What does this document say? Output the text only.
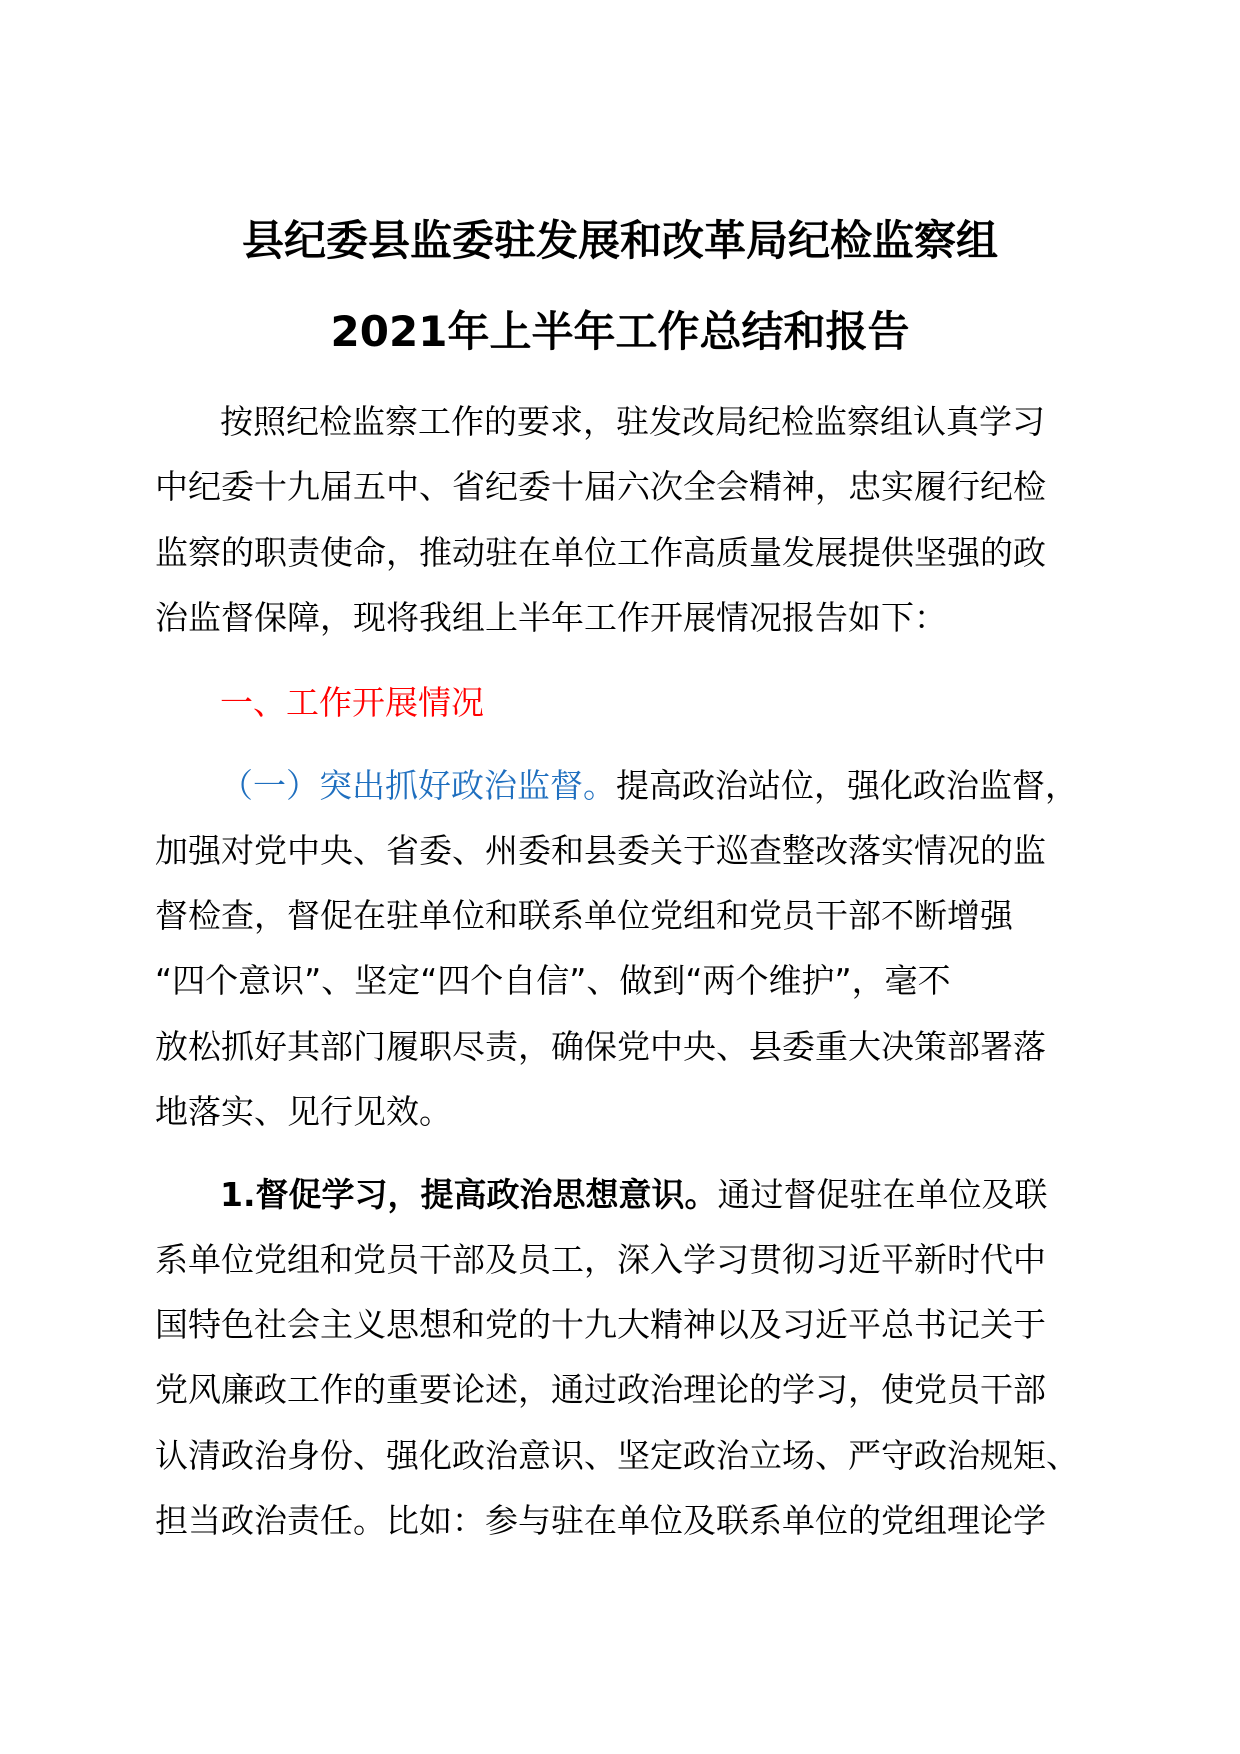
县纪委县监委驻发展和改革局纪检监察组
2021年上半年工作总结和报告
按照纪检监察工作的要求，驻发改局纪检监察组认真学习
中纪委十九届五中、省纪委十届六次全会精神，忠实履行纪检
监察的职责使命，推动驻在单位工作高质量发展提供坚强的政
治监督保障，现将我组上半年工作开展情况报告如下：
一、工作开展情况
（一）突出抓好政治监督。提高政治站位，强化政治监督，
加强对党中央、省委、州委和县委关于巡查整改落实情况的监
督检查，督促在驻单位和联系单位党组和党员干部不断增强
“四个意识”、坚定“四个自信”、做到“两个维护”，毫不
放松抓好其部门履职尽责，确保党中央、县委重大决策部署落
地落实、见行见效。
1.督促学习，提高政治思想意识。通过督促驻在单位及联
系单位党组和党员干部及员工，深入学习贯彻习近平新时代中
国特色社会主义思想和党的十九大精神以及习近平总书记关于
党风廉政工作的重要论述，通过政治理论的学习，使党员干部
认清政治身份、强化政治意识、坚定政治立场、严守政治规矩、
担当政治责任。比如：参与驻在单位及联系单位的党组理论学
